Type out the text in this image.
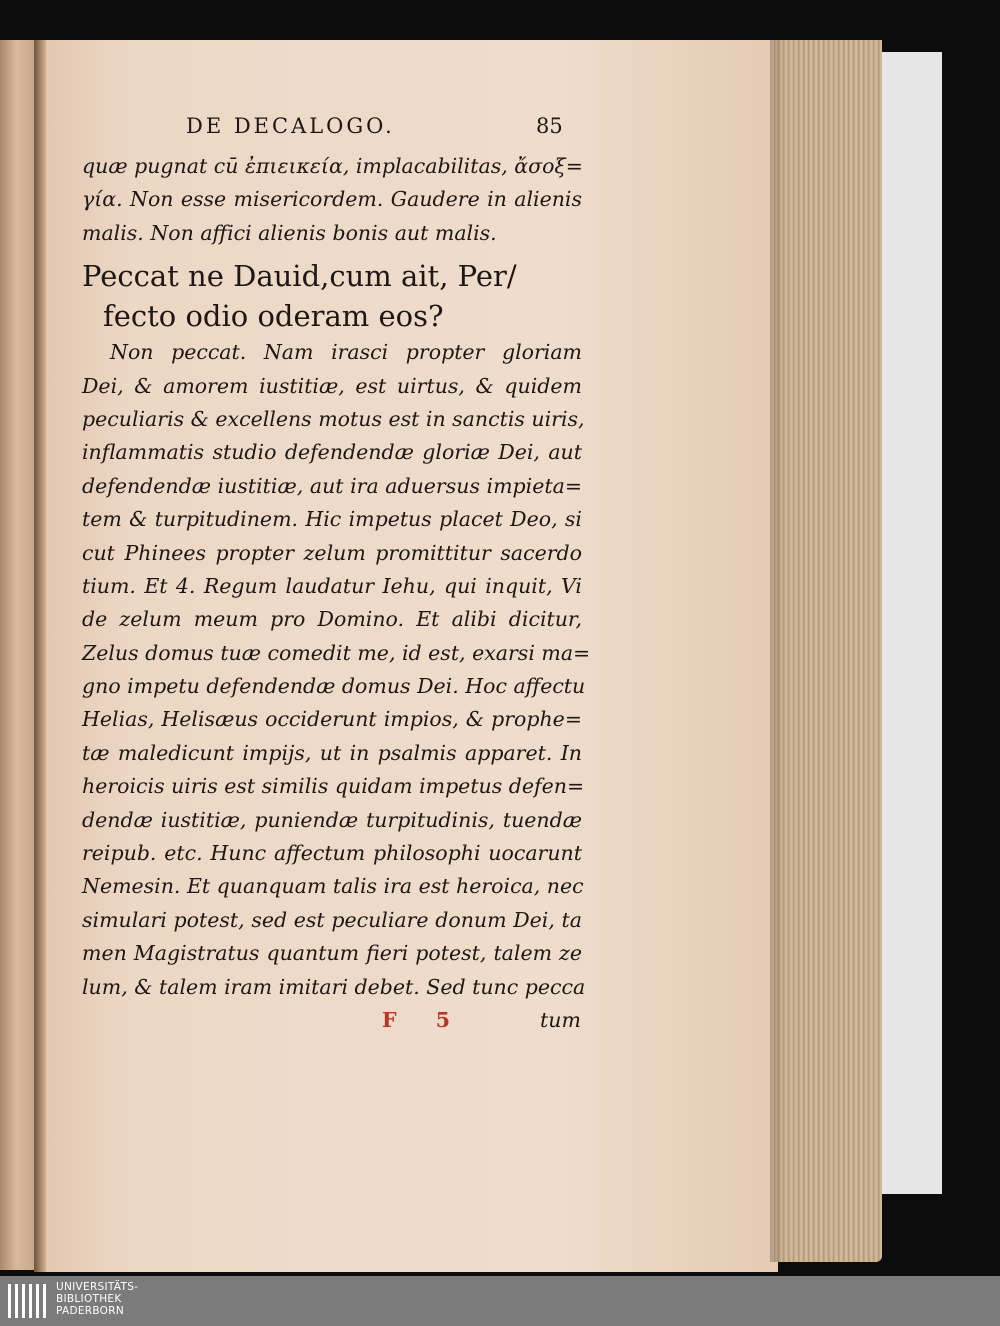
DE DECALOGO.	85
quæ pugnat cū ἐπιεικεία, implacabilitas, ἄσοξ=
γία. Non esse misericordem. Gaudere in alienis
malis. Non affici alienis bonis aut malis.
Peccat ne Dauid,cum ait, Per/
fecto odio oderam eos?
Non peccat. Nam irasci propter gloriam
Dei, & amorem iustitiæ, est uirtus, & quidem
peculiaris & excellens motus est in sanctis uiris,
inflammatis studio defendendæ gloriæ Dei, aut
defendendæ iustitiæ, aut ira aduersus impieta=
tem & turpitudinem. Hic impetus placet Deo, si
cut Phinees propter zelum promittitur sacerdo
tium. Et 4. Regum laudatur Iehu, qui inquit, Vi
de zelum meum pro Domino. Et alibi dicitur,
Zelus domus tuæ comedit me, id est, exarsi ma=
gno impetu defendendæ domus Dei. Hoc affectu
Helias, Helisæus occiderunt impios, & prophe=
tæ maledicunt impijs, ut in psalmis apparet. In
heroicis uiris est similis quidam impetus defen=
dendæ iustitiæ, puniendæ turpitudinis, tuendæ
reipub. etc. Hunc affectum philosophi uocarunt
Nemesin. Et quanquam talis ira est heroica, nec
simulari potest, sed est peculiare donum Dei, ta
men Magistratus quantum fieri potest, talem ze
lum, & talem iram imitari debet. Sed tunc pecca
F 5	tum
UNIVERSITÄTS-
BIBLIOTHEK
PADERBORN
